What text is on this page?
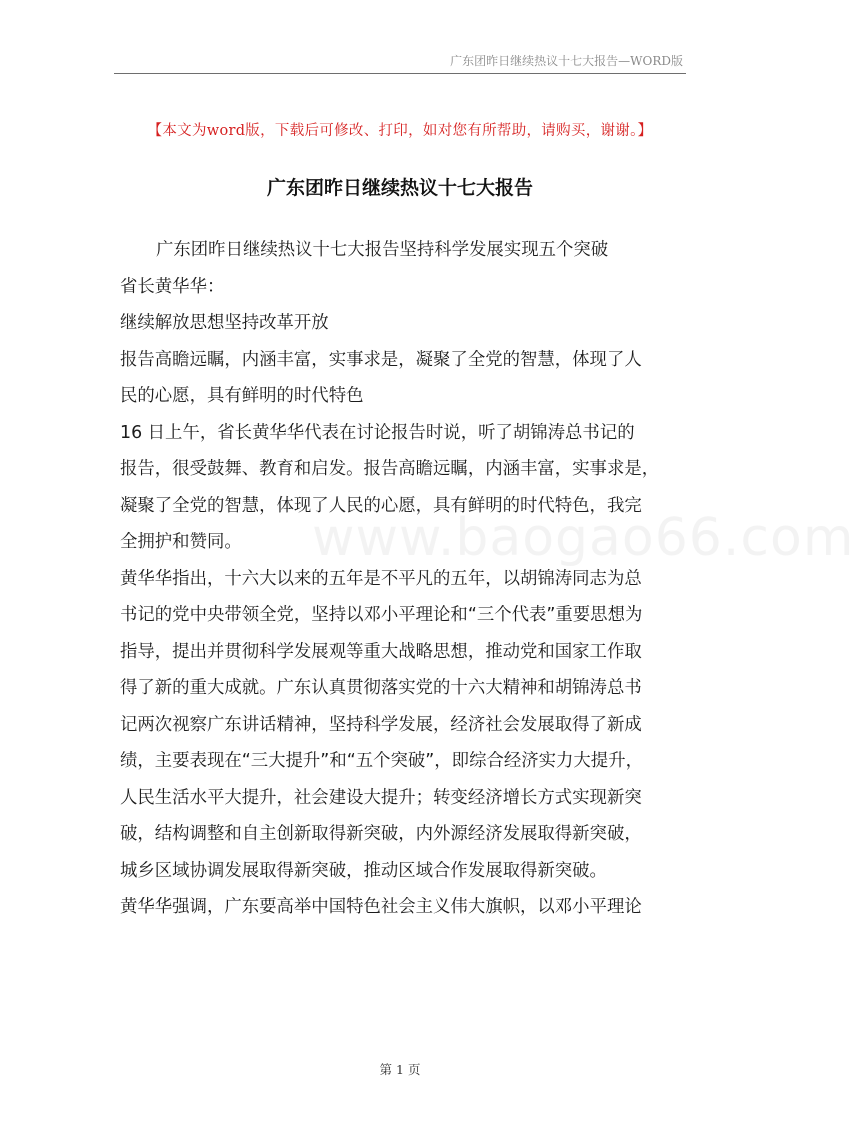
广东团昨日继续热议十七大报告—WORD版
【本文为word版，下载后可修改、打印，如对您有所帮助，请购买，谢谢。】
广东团昨日继续热议十七大报告
www.baogao66.com

广东团昨日继续热议十七大报告坚持科学发展实现五个突破

省长黄华华：

继续解放思想坚持改革开放

报告高瞻远瞩，内涵丰富，实事求是，凝聚了全党的智慧，体现了人

民的心愿，具有鲜明的时代特色

16 日上午，省长黄华华代表在讨论报告时说，听了胡锦涛总书记的

报告，很受鼓舞、教育和启发。报告高瞻远瞩，内涵丰富，实事求是，

凝聚了全党的智慧，体现了人民的心愿，具有鲜明的时代特色，我完

全拥护和赞同。

黄华华指出，十六大以来的五年是不平凡的五年，以胡锦涛同志为总

书记的党中央带领全党，坚持以邓小平理论和“三个代表”重要思想为

指导，提出并贯彻科学发展观等重大战略思想，推动党和国家工作取

得了新的重大成就。广东认真贯彻落实党的十六大精神和胡锦涛总书

记两次视察广东讲话精神，坚持科学发展，经济社会发展取得了新成

绩，主要表现在“三大提升”和“五个突破”，即综合经济实力大提升，

人民生活水平大提升，社会建设大提升；转变经济增长方式实现新突

破，结构调整和自主创新取得新突破，内外源经济发展取得新突破，

城乡区域协调发展取得新突破，推动区域合作发展取得新突破。

黄华华强调，广东要高举中国特色社会主义伟大旗帜，以邓小平理论

第 1 页
